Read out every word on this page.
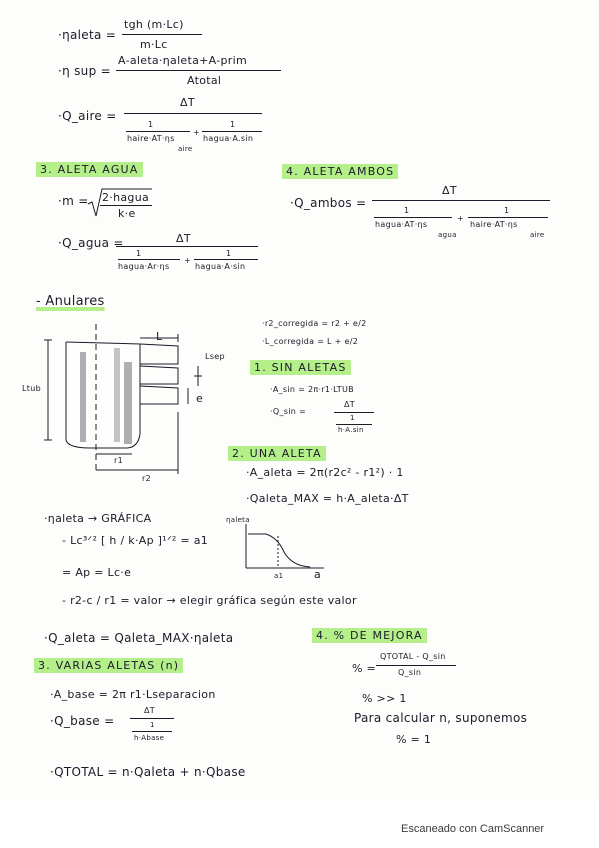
·ηaleta =
tgh (m·Lc)
m·Lc
·η sup =
A-aleta·ηaleta+A-prim
Atotal
·Q_aire =
ΔT
1
haire·AT·ηs
aire
+
1
hagua·A.sin
3. ALETA AGUA
·m = 2·hagua
k·e
·Q_agua =	ΔT
1
hagua·Ar·ηs
+
1
hagua·A·sin
4. ALETA AMBOS
·Q_ambos =
ΔT
1
hagua·AT·ηs
agua
+
1
haire·AT·ηs
aire
- Anulares
L
Lsep
Ltub
e
r1
r2
·r2_corregida = r2 + e/2
·L_corregida = L + e/2
1. SIN ALETAS
·A_sin = 2π·r1·LTUB
·Q_sin =
ΔT
1
h·A.sin
2. UNA ALETA
·A_aleta = 2π(r2c² - r1²) · 1
·Qaleta_MAX = h·A_aleta·ΔT
·ηaleta → GRÁFICA
- Lc³ᐟ² [ h / k·Ap ]¹ᐟ² = a1
= Ap = Lc·e
- r2-c / r1 = valor → elegir gráfica según este valor
ηaleta
a1	a
·Q_aleta = Qaleta_MAX·ηaleta	4. % DE MEJORA
% =
QTOTAL - Q_sin
Q_sin
% >> 1
Para calcular n, suponemos
% = 1
3. VARIAS ALETAS (n)
·A_base = 2π r1·Lseparacion
·Q_base =
ΔT
1
h·Abase
·QTOTAL = n·Qaleta + n·Qbase
Escaneado con CamScanner
